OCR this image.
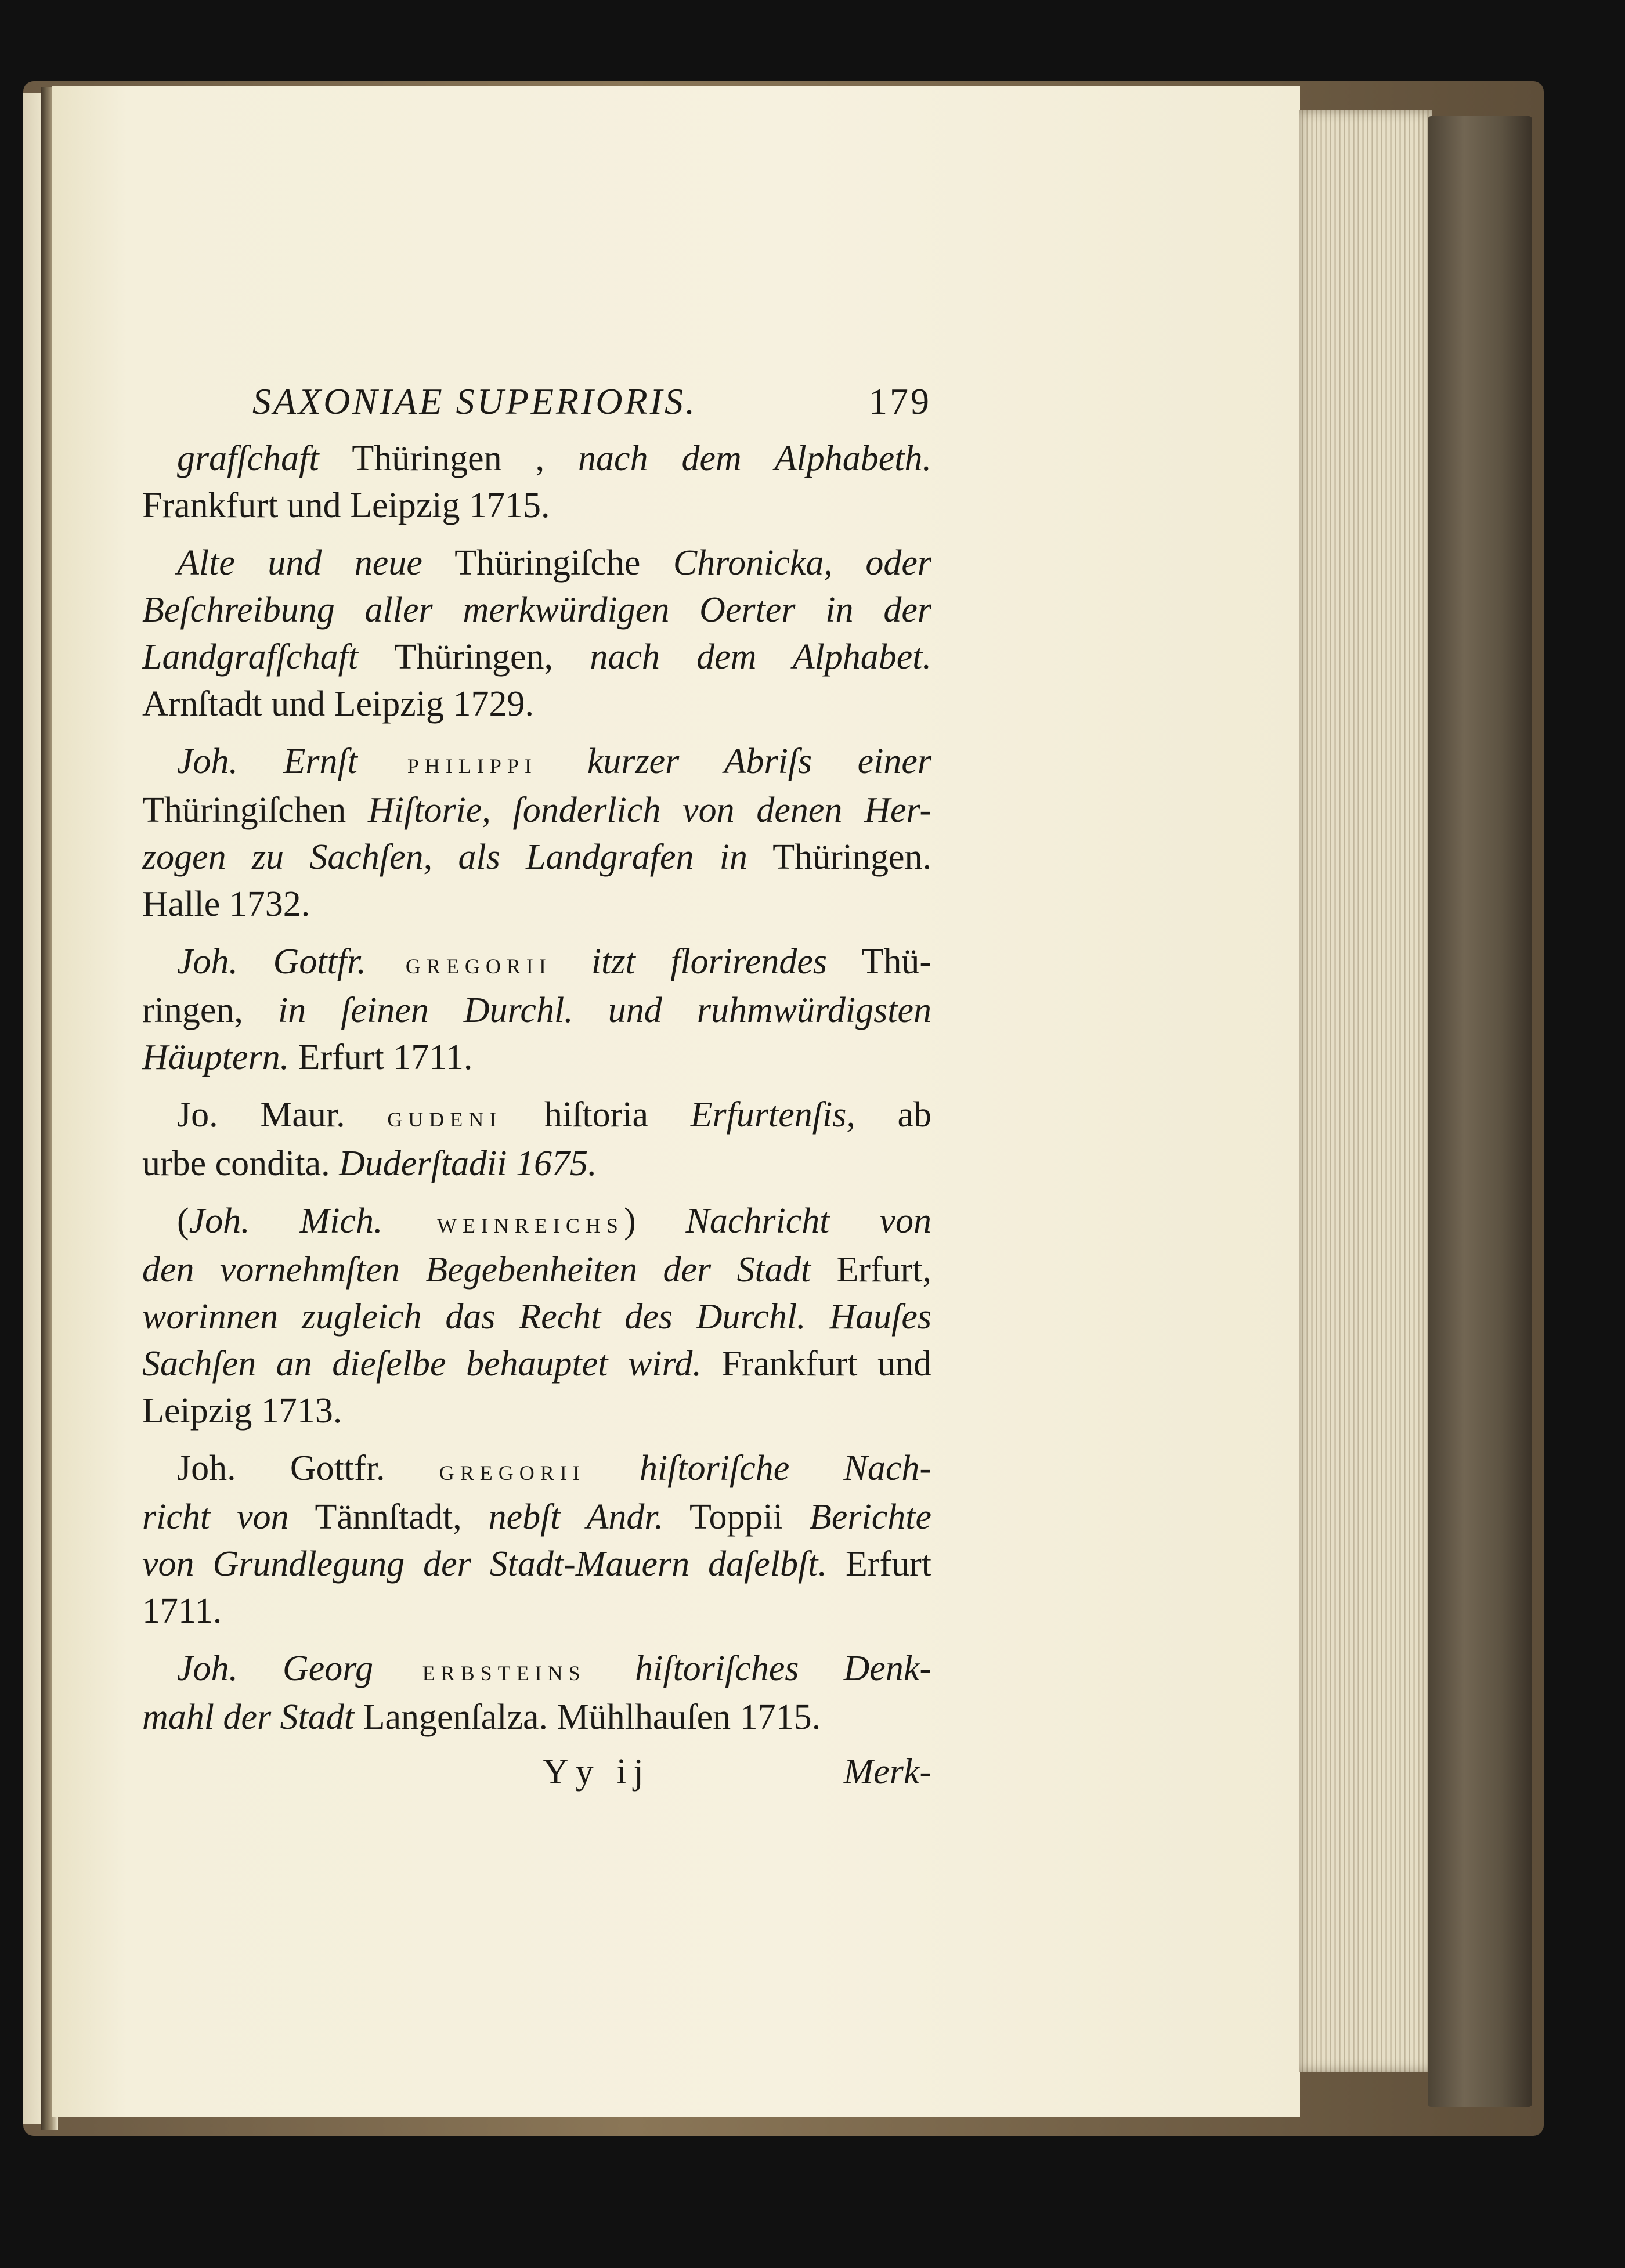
SAXONIAE SUPERIORIS.	179

grafſchaft Thüringen , nach dem Alphabeth.
Frankfurt und Leipzig 1715.

Alte und neue Thüringiſche Chronicka, oder
Beſchreibung aller merkwürdigen Oerter in der
Landgrafſchaft Thüringen, nach dem Alphabet.
Arnſtadt und Leipzig 1729.

Joh. Ernſt philippi kurzer Abriſs einer
Thüringiſchen Hiſtorie, ſonderlich von denen Her-
zogen zu Sachſen, als Landgrafen in Thüringen.
Halle 1732.

Joh. Gottfr. gregorii itzt florirendes Thü-
ringen, in ſeinen Durchl. und ruhmwürdigsten
Häuptern. Erfurt 1711.

Jo. Maur. gudeni hiſtoria Erfurtenſis, ab
urbe condita. Duderſtadii 1675.

(Joh. Mich. weinreichs) Nachricht von
den vornehmſten Begebenheiten der Stadt Erfurt,
worinnen zugleich das Recht des Durchl. Hauſes
Sachſen an dieſelbe behauptet wird. Frankfurt und
Leipzig 1713.

Joh. Gottfr. gregorii hiſtoriſche Nach-
richt von Tännſtadt, nebſt Andr. Toppii Berichte
von Grundlegung der Stadt-Mauern daſelbſt. Erfurt
1711.

Joh. Georg erbsteins hiſtoriſches Denk-
mahl der Stadt Langenſalza. Mühlhauſen 1715.

Yy ij	Merk-
